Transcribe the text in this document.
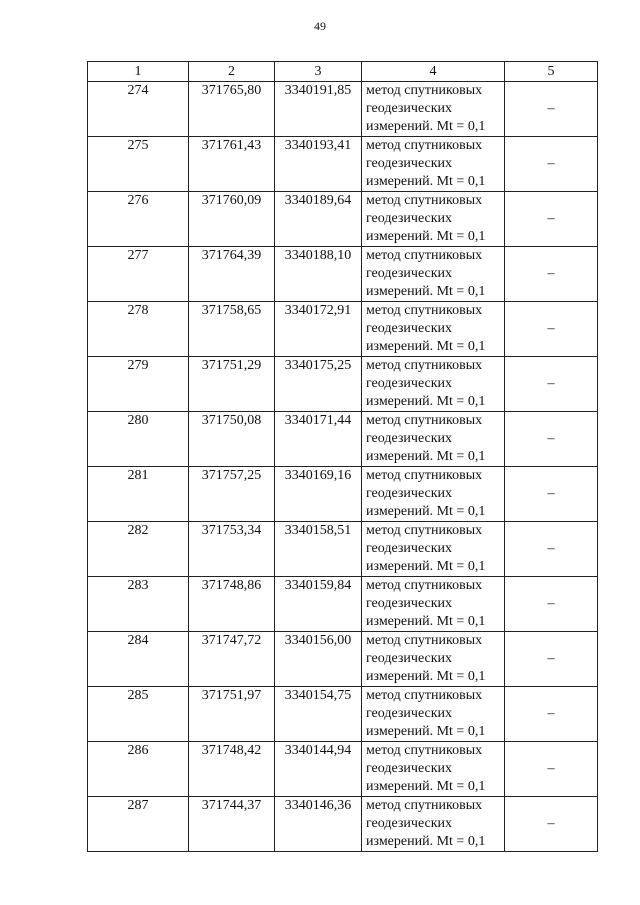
49
1	2	3	4	5
274	371765,80	3340191,85	метод спутниковых
геодезических
измерений. Mt = 0,1	–
275	371761,43	3340193,41	метод спутниковых
геодезических
измерений. Mt = 0,1	–
276	371760,09	3340189,64	метод спутниковых
геодезических
измерений. Mt = 0,1	–
277	371764,39	3340188,10	метод спутниковых
геодезических
измерений. Mt = 0,1	–
278	371758,65	3340172,91	метод спутниковых
геодезических
измерений. Mt = 0,1	–
279	371751,29	3340175,25	метод спутниковых
геодезических
измерений. Mt = 0,1	–
280	371750,08	3340171,44	метод спутниковых
геодезических
измерений. Mt = 0,1	–
281	371757,25	3340169,16	метод спутниковых
геодезических
измерений. Mt = 0,1	–
282	371753,34	3340158,51	метод спутниковых
геодезических
измерений. Mt = 0,1	–
283	371748,86	3340159,84	метод спутниковых
геодезических
измерений. Mt = 0,1	–
284	371747,72	3340156,00	метод спутниковых
геодезических
измерений. Mt = 0,1	–
285	371751,97	3340154,75	метод спутниковых
геодезических
измерений. Mt = 0,1	–
286	371748,42	3340144,94	метод спутниковых
геодезических
измерений. Mt = 0,1	–
287	371744,37	3340146,36	метод спутниковых
геодезических
измерений. Mt = 0,1	–
